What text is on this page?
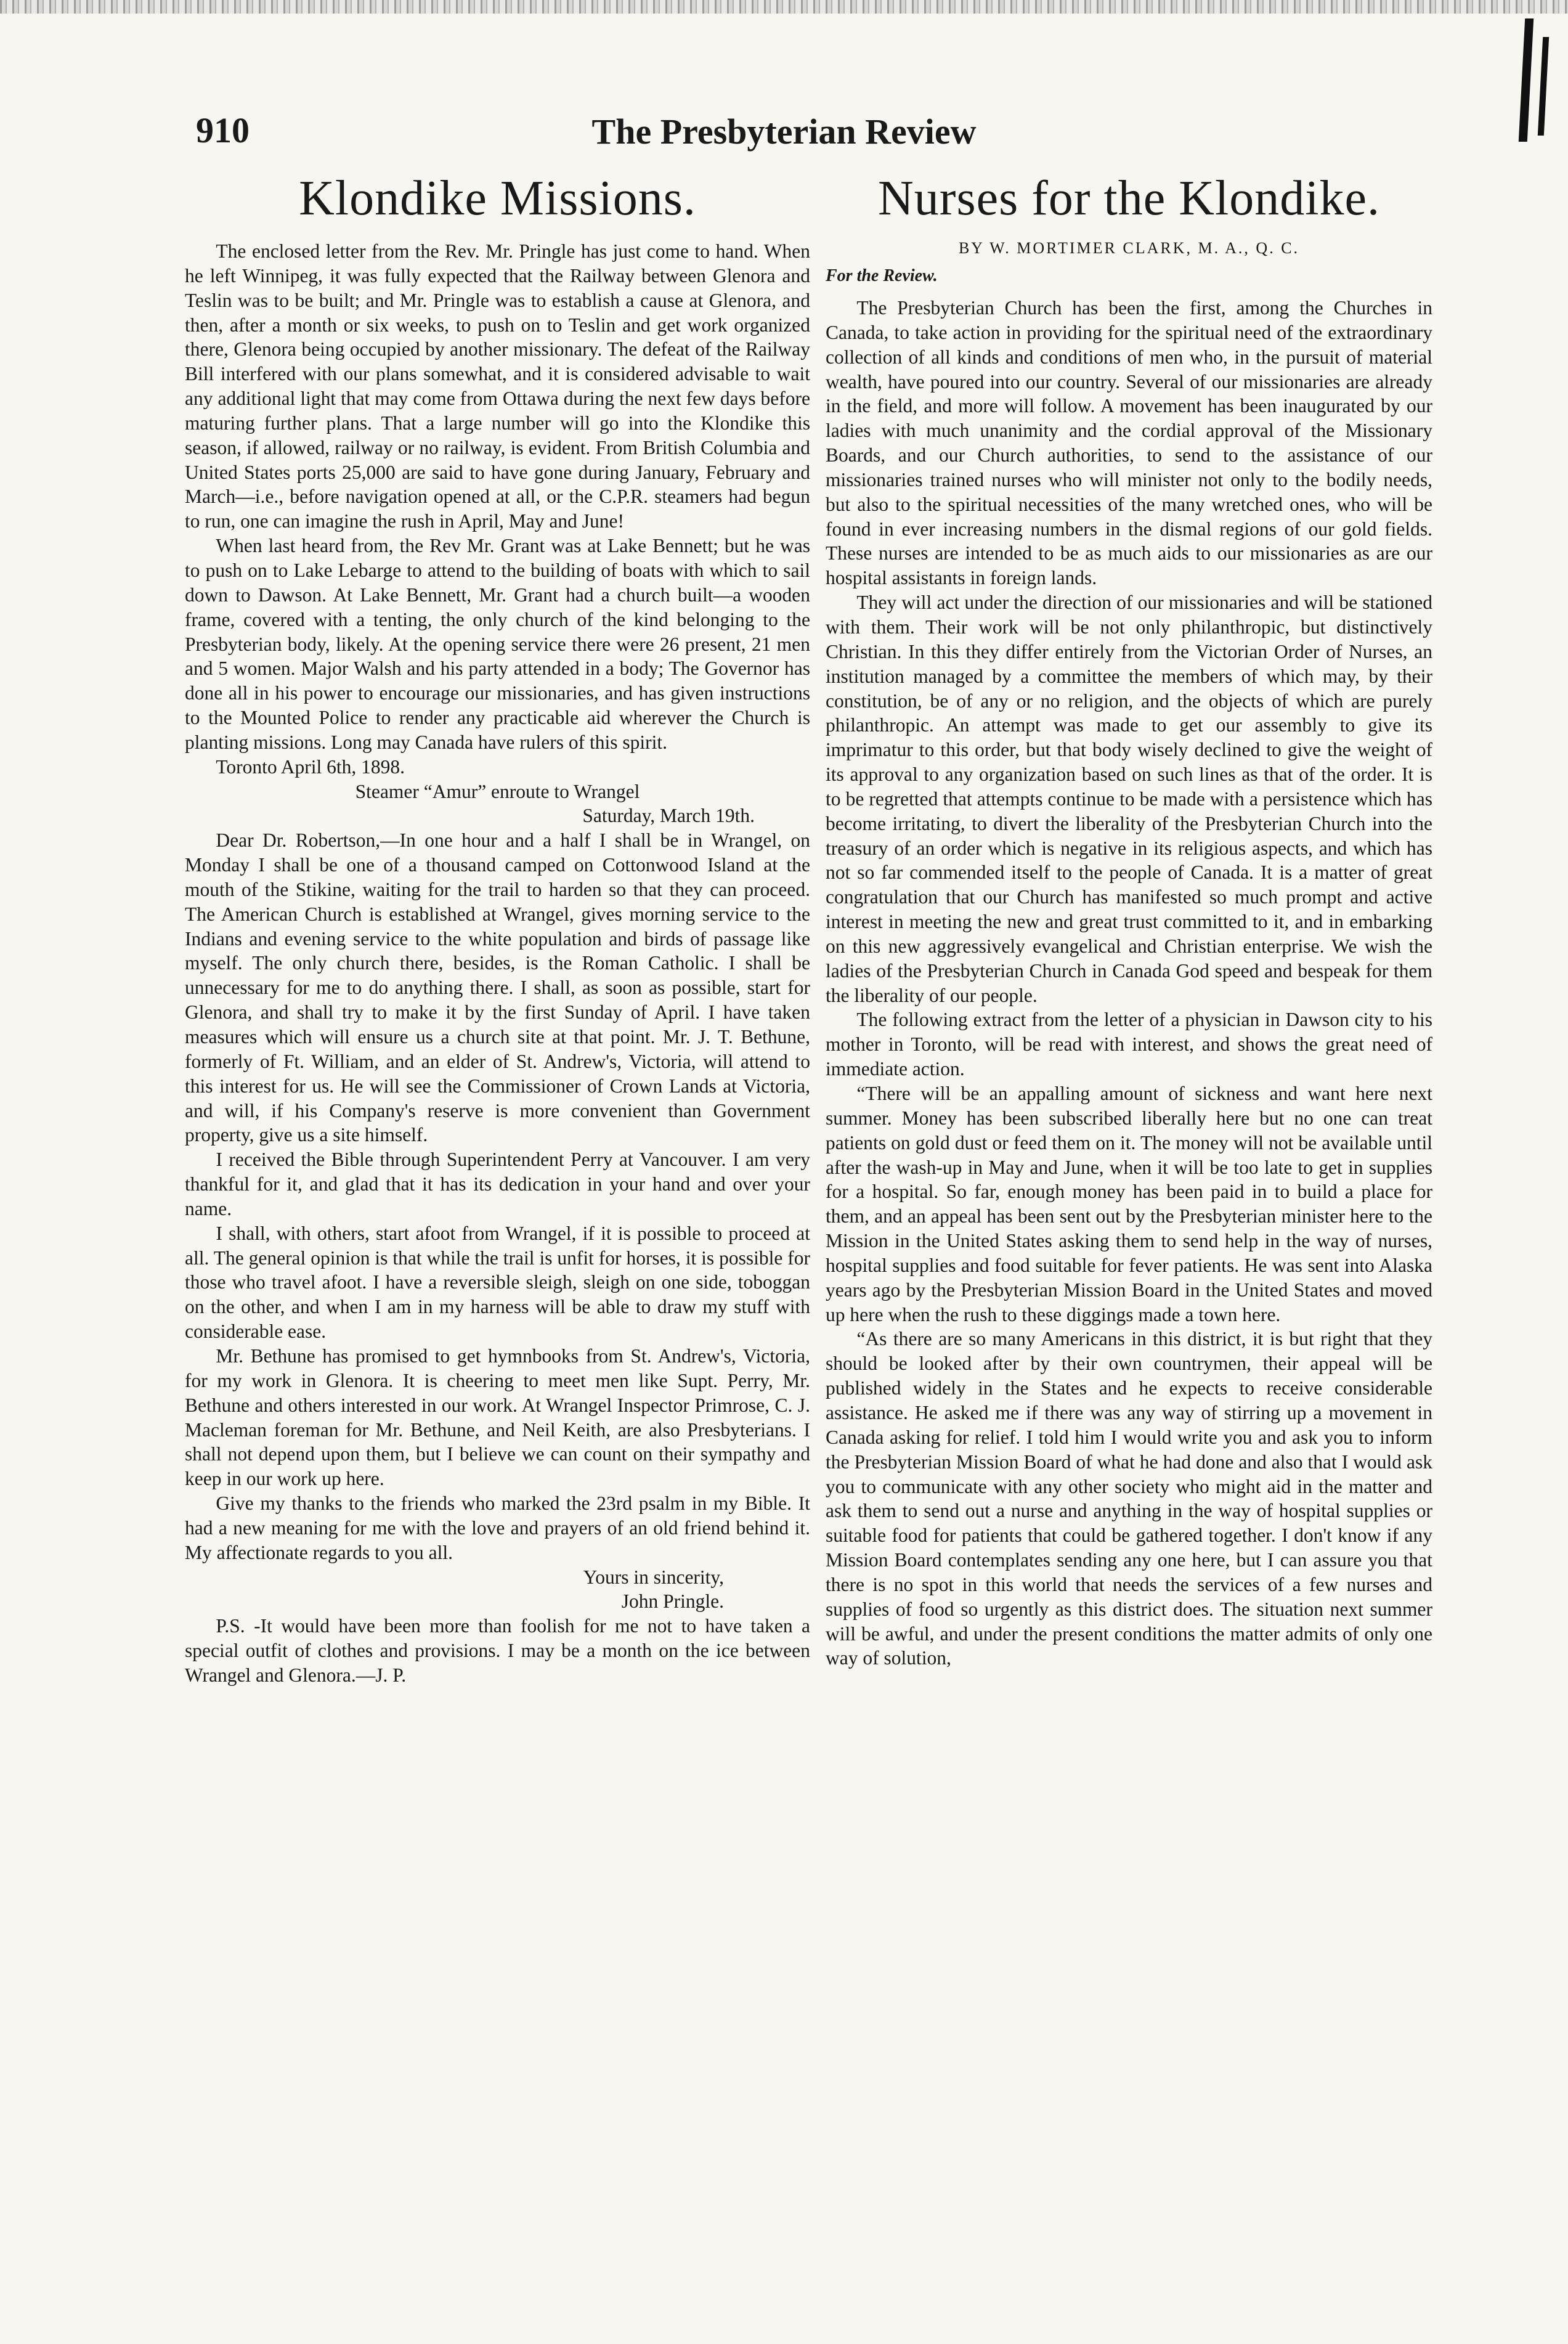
910	The Presbyterian Review
Klondike Missions.

The enclosed letter from the Rev. Mr. Pringle has just come to hand. When he left Winnipeg, it was fully expected that the Railway between Glenora and Teslin was to be built; and Mr. Pringle was to establish a cause at Glenora, and then, after a month or six weeks, to push on to Teslin and get work organized there, Glenora being occupied by another missionary. The defeat of the Railway Bill interfered with our plans somewhat, and it is considered advisable to wait any additional light that may come from Ottawa during the next few days before maturing further plans. That a large number will go into the Klondike this season, if allowed, railway or no railway, is evident. From British Columbia and United States ports 25,000 are said to have gone during January, February and March—i.e., before navigation opened at all, or the C.P.R. steamers had begun to run, one can imagine the rush in April, May and June!

When last heard from, the Rev Mr. Grant was at Lake Bennett; but he was to push on to Lake Lebarge to attend to the building of boats with which to sail down to Dawson. At Lake Bennett, Mr. Grant had a church built—a wooden frame, covered with a tenting, the only church of the kind belonging to the Presbyterian body, likely. At the opening service there were 26 present, 21 men and 5 women. Major Walsh and his party attended in a body; The Governor has done all in his power to encourage our missionaries, and has given instructions to the Mounted Police to render any practicable aid wherever the Church is planting missions. Long may Canada have rulers of this spirit.

Toronto April 6th, 1898.

Steamer “Amur” enroute to Wrangel

Saturday, March 19th.

Dear Dr. Robertson,—In one hour and a half I shall be in Wrangel, on Monday I shall be one of a thousand camped on Cottonwood Island at the mouth of the Stikine, waiting for the trail to harden so that they can proceed. The American Church is established at Wrangel, gives morning service to the Indians and evening service to the white population and birds of passage like myself. The only church there, besides, is the Roman Catholic. I shall be unnecessary for me to do anything there. I shall, as soon as possible, start for Glenora, and shall try to make it by the first Sunday of April. I have taken measures which will ensure us a church site at that point. Mr. J. T. Bethune, formerly of Ft. William, and an elder of St. Andrew's, Victoria, will attend to this interest for us. He will see the Commissioner of Crown Lands at Victoria, and will, if his Company's reserve is more convenient than Government property, give us a site himself.

I received the Bible through Superintendent Perry at Vancouver. I am very thankful for it, and glad that it has its dedication in your hand and over your name.

I shall, with others, start afoot from Wrangel, if it is possible to proceed at all. The general opinion is that while the trail is unfit for horses, it is possible for those who travel afoot. I have a reversible sleigh, sleigh on one side, toboggan on the other, and when I am in my harness will be able to draw my stuff with considerable ease.

Mr. Bethune has promised to get hymnbooks from St. Andrew's, Victoria, for my work in Glenora. It is cheering to meet men like Supt. Perry, Mr. Bethune and others interested in our work. At Wrangel Inspector Primrose, C. J. Macleman foreman for Mr. Bethune, and Neil Keith, are also Presbyterians. I shall not depend upon them, but I believe we can count on their sympathy and keep in our work up here.

Give my thanks to the friends who marked the 23rd psalm in my Bible. It had a new meaning for me with the love and prayers of an old friend behind it. My affectionate regards to you all.

Yours in sincerity,

John Pringle.

P.S. -It would have been more than foolish for me not to have taken a special outfit of clothes and provisions. I may be a month on the ice between Wrangel and Glenora.—J. P.

Nurses for the Klondike.
BY W. MORTIMER CLARK, M. A., Q. C.
For the Review.

The Presbyterian Church has been the first, among the Churches in Canada, to take action in providing for the spiritual need of the extraordinary collection of all kinds and conditions of men who, in the pursuit of material wealth, have poured into our country. Several of our missionaries are already in the field, and more will follow. A movement has been inaugurated by our ladies with much unanimity and the cordial approval of the Missionary Boards, and our Church authorities, to send to the assistance of our missionaries trained nurses who will minister not only to the bodily needs, but also to the spiritual necessities of the many wretched ones, who will be found in ever increasing numbers in the dismal regions of our gold fields. These nurses are intended to be as much aids to our missionaries as are our hospital assistants in foreign lands.

They will act under the direction of our missionaries and will be stationed with them. Their work will be not only philanthropic, but distinctively Christian. In this they differ entirely from the Victorian Order of Nurses, an institution managed by a committee the members of which may, by their constitution, be of any or no religion, and the objects of which are purely philanthropic. An attempt was made to get our assembly to give its imprimatur to this order, but that body wisely declined to give the weight of its approval to any organization based on such lines as that of the order. It is to be regretted that attempts continue to be made with a persistence which has become irritating, to divert the liberality of the Presbyterian Church into the treasury of an order which is negative in its religious aspects, and which has not so far commended itself to the people of Canada. It is a matter of great congratulation that our Church has manifested so much prompt and active interest in meeting the new and great trust committed to it, and in embarking on this new aggressively evangelical and Christian enterprise. We wish the ladies of the Presbyterian Church in Canada God speed and bespeak for them the liberality of our people.

The following extract from the letter of a physician in Dawson city to his mother in Toronto, will be read with interest, and shows the great need of immediate action.

“There will be an appalling amount of sickness and want here next summer. Money has been subscribed liberally here but no one can treat patients on gold dust or feed them on it. The money will not be available until after the wash-up in May and June, when it will be too late to get in supplies for a hospital. So far, enough money has been paid in to build a place for them, and an appeal has been sent out by the Presbyterian minister here to the Mission in the United States asking them to send help in the way of nurses, hospital supplies and food suitable for fever patients. He was sent into Alaska years ago by the Presbyterian Mission Board in the United States and moved up here when the rush to these diggings made a town here.

“As there are so many Americans in this district, it is but right that they should be looked after by their own countrymen, their appeal will be published widely in the States and he expects to receive considerable assistance. He asked me if there was any way of stirring up a movement in Canada asking for relief. I told him I would write you and ask you to inform the Presbyterian Mission Board of what he had done and also that I would ask you to communicate with any other society who might aid in the matter and ask them to send out a nurse and anything in the way of hospital supplies or suitable food for patients that could be gathered together. I don't know if any Mission Board contemplates sending any one here, but I can assure you that there is no spot in this world that needs the services of a few nurses and supplies of food so urgently as this district does. The situation next summer will be awful, and under the present conditions the matter admits of only one way of solution,
